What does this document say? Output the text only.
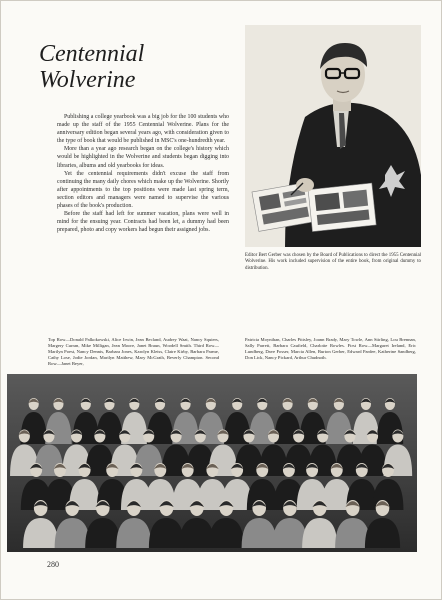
Centennial
Wolverine

Publishing a college yearbook was a big job for the 100 students who made up the staff of the 1955 Centennial Wolverine. Plans for the anniversary edition began several years ago, with consideration given to the type of book that would be published in MSC's one-hundredth year.

More than a year ago research began on the college's history which would be highlighted in the Wolverine and students began digging into libraries, albums and old yearbooks for ideas.

Yet the centennial requirements didn't excuse the staff from continuing the many daily chores which make up the Wolverine. Shortly after appointments to the top positions were made last spring term, section editors and managers were named to supervise the various phases of the book's production.

Before the staff had left for summer vacation, plans were well in mind for the ensuing year. Contracts had been let, a dummy had been prepared, photo and copy workers had begun their assigned jobs.

Editor Bert Gerber was chosen by the Board of Publications to direct the 1955 Centennial Wolverine. His work included supervision of the entire book, from original dummy to distribution.

Top Row—Donald Palkokowski, Alice Irwin, Jean Becland, Audrey Waat, Nancy Squiers, Margery Curran, Mike Milligan, Jean Moore, Janet Braun, Woodell Smith. Third Row—Marilyn Poest, Nancy Dennis, Barbara Jones, Karolyn Kleiss, Claire Kirby, Barbara Parme, Cathy Lose, Jodie Jordan, Marilyn Matthew, Mary McGrath, Beverly Champion. Second Row—Janet Beyer,

Patricia Moynihan, Charles Pittsley, Joann Brady, Mary Towle, Ann Stirling, Lou Brennan, Sally Parrett, Barbara Caufield, Charlotte Rowles. First Row—Margaret Ireland, Eric Lundberg, Dave Fosser, Marcia Allen, Burton Gerber, Edward Pardee, Katherine Sandberg, Don Lick, Nancy Pickard, Arthur Chudnoth.

280
